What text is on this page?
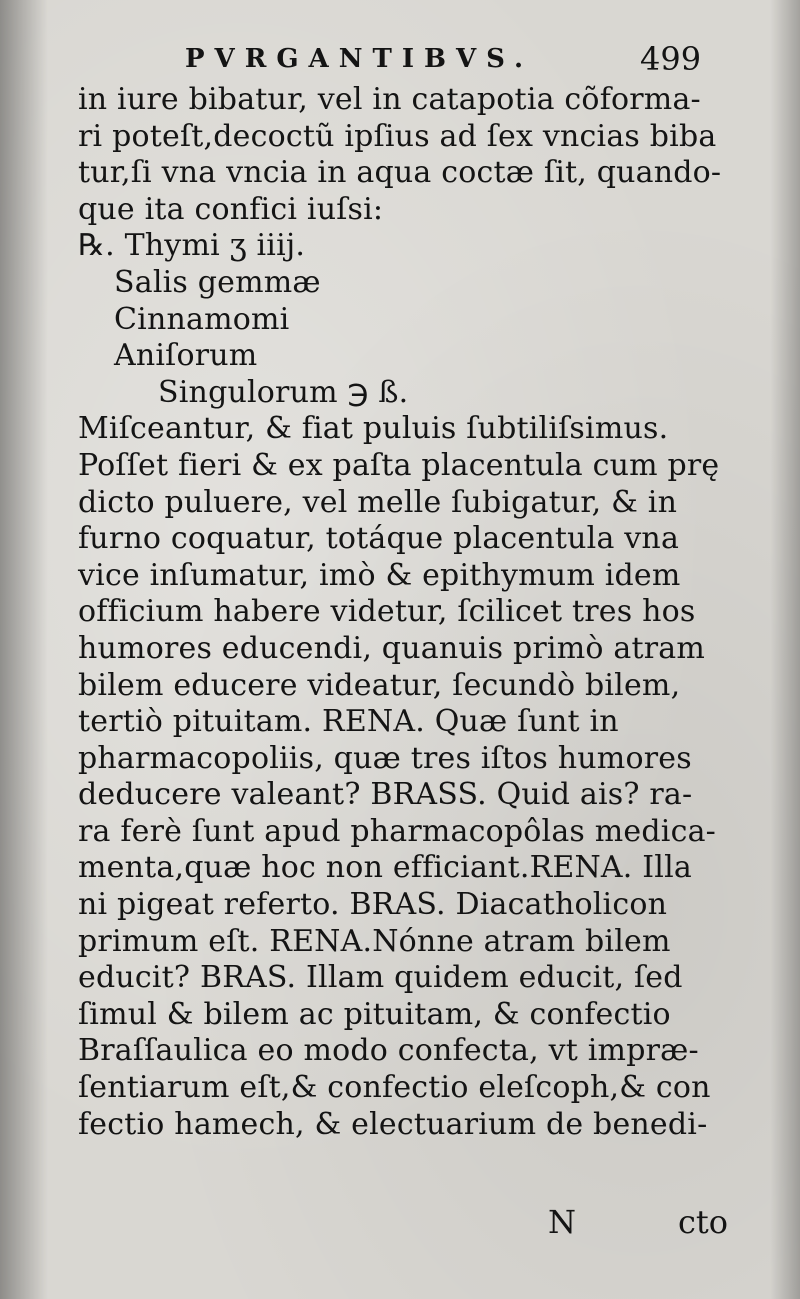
PVRGANTIBVS.	499
in iure bibatur, vel in catapotia cõforma-
ri poteſt,decoctũ ipſius ad ſex vncias biba
tur,ſi vna vncia in aqua coctæ ſit, quando-
que ita confici iuſsi:
℞. Thymi ʒ iiij.
Salis gemmæ
Cinnamomi
Aniſorum
Singulorum ℈ ß.
Miſceantur, & fiat puluis ſubtiliſsimus.
Poſſet fieri & ex paſta placentula cum prę
dicto puluere, vel melle ſubigatur, & in
furno coquatur, totáque placentula vna
vice inſumatur, imò & epithymum idem
officium habere videtur, ſcilicet tres hos
humores educendi, quanuis primò atram
bilem educere videatur, ſecundò bilem,
tertiò pituitam. RENA. Quæ ſunt in
pharmacopoliis, quæ tres iſtos humores
deducere valeant? BRASS. Quid ais? ra-
ra ferè ſunt apud pharmacopôlas medica-
menta,quæ hoc non efficiant.RENA. Illa
ni pigeat referto. BRAS. Diacatholicon
primum eſt. RENA.Nónne atram bilem
educit? BRAS. Illam quidem educit, ſed
ſimul & bilem ac pituitam, & confectio
Braſſaulica eo modo confecta, vt impræ-
ſentiarum eſt,& confectio eleſcoph,& con
fectio hamech, & electuarium de benedi-
N	cto
